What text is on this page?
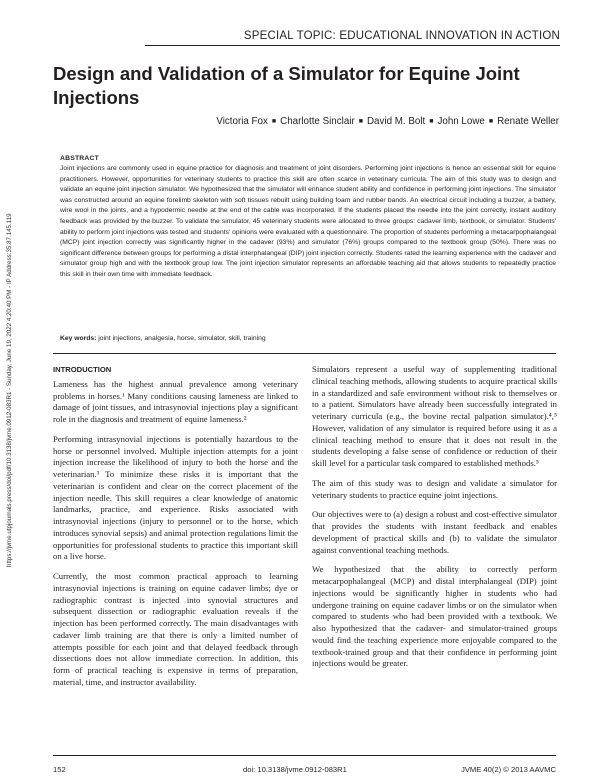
https://jvme.utpjournals.press/doi/pdf/10.3138/jvme.0912-083R1 - Sunday, June 19, 2022 4:20:40 PM - IP Address:35.87.145.119
SPECIAL TOPIC: EDUCATIONAL INNOVATION IN ACTION
Design and Validation of a Simulator for Equine Joint Injections
Victoria Fox ■ Charlotte Sinclair ■ David M. Bolt ■ John Lowe ■ Renate Weller
ABSTRACT

Joint injections are commonly used in equine practice for diagnosis and treatment of joint disorders. Performing joint injections is hence an essential skill for equine practitioners. However, opportunities for veterinary students to practice this skill are often scarce in veterinary curricula. The aim of this study was to design and validate an equine joint injection simulator. We hypothesized that the simulator will enhance student ability and confidence in performing joint injections. The simulator was constructed around an equine forelimb skeleton with soft tissues rebuilt using building foam and rubber bands. An electrical circuit including a buzzer, a battery, wire wool in the joints, and a hypodermic needle at the end of the cable was incorporated. If the students placed the needle into the joint correctly, instant auditory feedback was provided by the buzzer. To validate the simulator, 45 veterinary students were allocated to three groups: cadaver limb, textbook, or simulator. Students' ability to perform joint injections was tested and students' opinions were evaluated with a questionnaire. The proportion of students performing a metacarpophalangeal (MCP) joint injection correctly was significantly higher in the cadaver (93%) and simulator (76%) groups compared to the textbook group (50%). There was no significant difference between groups for performing a distal interphalangeal (DIP) joint injection correctly. Students rated the learning experience with the cadaver and simulator group high and with the textbook group low. The joint injection simulator represents an affordable teaching aid that allows students to repeatedly practice this skill in their own time with immediate feedback.

Key words: joint injections, analgesia, horse, simulator, skill, training
INTRODUCTION

Lameness has the highest annual prevalence among veterinary problems in horses.¹ Many conditions causing lameness are linked to damage of joint tissues, and intrasynovial injections play a significant role in the diagnosis and treatment of equine lameness.²

Performing intrasynovial injections is potentially hazardous to the horse or personnel involved. Multiple injection attempts for a joint injection increase the likelihood of injury to both the horse and the veterinarian.³ To minimize these risks it is important that the veterinarian is confident and clear on the correct placement of the injection needle. This skill requires a clear knowledge of anatomic landmarks, practice, and experience. Risks associated with intrasynovial injections (injury to personnel or to the horse, which introduces synovial sepsis) and animal protection regulations limit the opportunities for professional students to practice this important skill on a live horse.

Currently, the most common practical approach to learning intrasynovial injections is training on equine cadaver limbs; dye or radiographic contrast is injected into synovial structures and subsequent dissection or radiographic evaluation reveals if the injection has been performed correctly. The main disadvantages with cadaver limb training are that there is only a limited number of attempts possible for each joint and that delayed feedback through dissections does not allow immediate correction. In addition, this form of practical teaching is expensive in terms of preparation, material, time, and instructor availability.

Simulators represent a useful way of supplementing traditional clinical teaching methods, allowing students to acquire practical skills in a standardized and safe environment without risk to themselves or to a patient. Simulators have already been successfully integrated in veterinary curricula (e.g., the bovine rectal palpation simulator).⁴,⁵ However, validation of any simulator is required before using it as a clinical teaching method to ensure that it does not result in the students developing a false sense of confidence or reduction of their skill level for a particular task compared to established methods.⁵

The aim of this study was to design and validate a simulator for veterinary students to practice equine joint injections.

Our objectives were to (a) design a robust and cost-effective simulator that provides the students with instant feedback and enables development of practical skills and (b) to validate the simulator against conventional teaching methods.

We hypothesized that the ability to correctly perform metacarpophalangeal (MCP) and distal interphalangeal (DIP) joint injections would be significantly higher in students who had undergone training on equine cadaver limbs or on the simulator when compared to students who had been provided with a textbook. We also hypothesized that the cadaver- and simulator-trained groups would find the teaching experience more enjoyable compared to the textbook-trained group and that their confidence in performing joint injections would be greater.

152	doi: 10.3138/jvme.0912-083R1	JVME 40(2) © 2013 AAVMC
